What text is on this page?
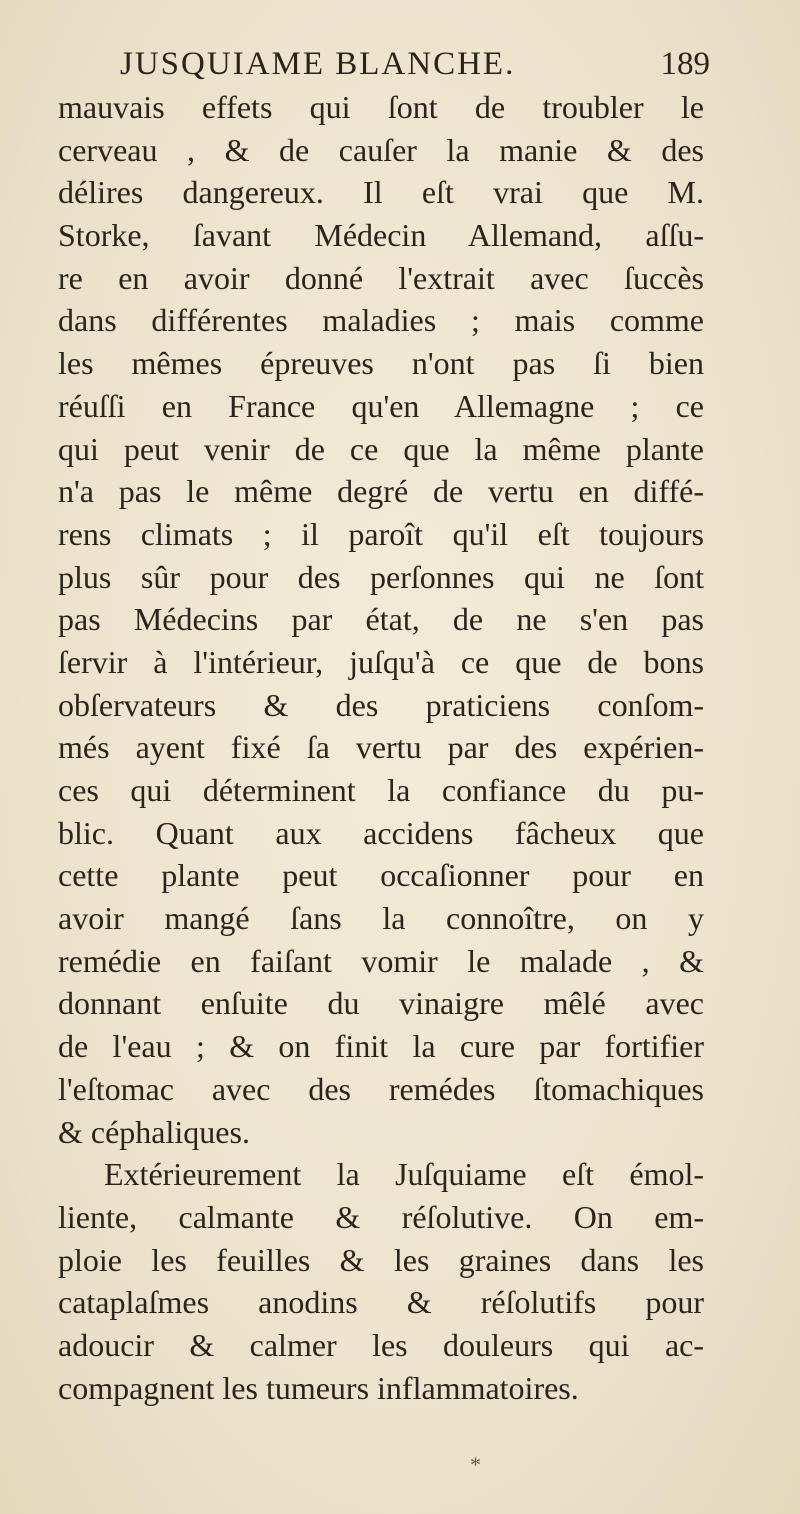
JUSQUIAME BLANCHE.	189
mauvais effets qui ſont de troubler le
cerveau , & de cauſer la manie & des
délires dangereux. Il eſt vrai que M.
Storke, ſavant Médecin Allemand, aſſu-
re en avoir donné l'extrait avec ſuccès
dans différentes maladies ; mais comme
les mêmes épreuves n'ont pas ſi bien
réuſſi en France qu'en Allemagne ; ce
qui peut venir de ce que la même plante
n'a pas le même degré de vertu en diffé-
rens climats ; il paroît qu'il eſt toujours
plus sûr pour des perſonnes qui ne ſont
pas Médecins par état, de ne s'en pas
ſervir à l'intérieur, juſqu'à ce que de bons
obſervateurs & des praticiens conſom-
més ayent fixé ſa vertu par des expérien-
ces qui déterminent la confiance du pu-
blic. Quant aux accidens fâcheux que
cette plante peut occaſionner pour en
avoir mangé ſans la connoître, on y
remédie en faiſant vomir le malade , &
donnant enſuite du vinaigre mêlé avec
de l'eau ; & on finit la cure par fortifier
l'eſtomac avec des remédes ſtomachiques
& céphaliques.
Extérieurement la Juſquiame eſt émol-
liente, calmante & réſolutive. On em-
ploie les feuilles & les graines dans les
cataplaſmes anodins & réſolutifs pour
adoucir & calmer les douleurs qui ac-
compagnent les tumeurs inflammatoires.
*
